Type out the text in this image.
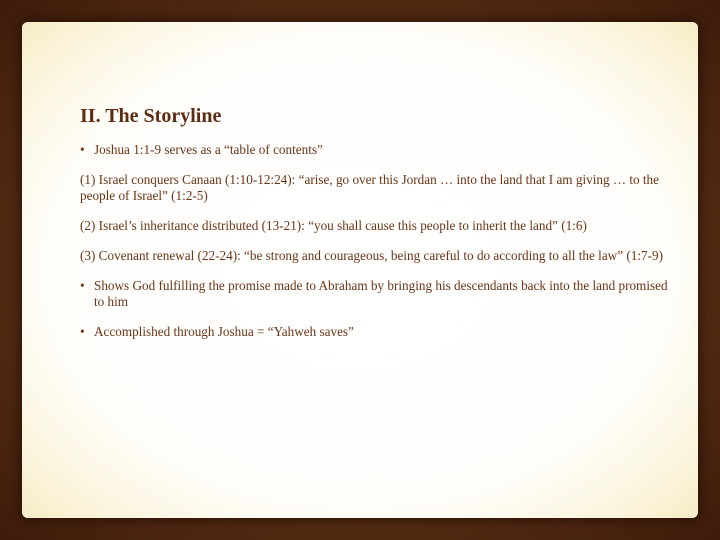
II. The Storyline
• Joshua 1:1-9 serves as a “table of contents”
(1) Israel conquers Canaan (1:10-12:24): “arise, go over this Jordan … into the land that I am giving … to the people of Israel” (1:2-5)
(2) Israel’s inheritance distributed (13-21): “you shall cause this people to inherit the land” (1:6)
(3) Covenant renewal (22-24): “be strong and courageous, being careful to do according to all the law” (1:7-9)
• Shows God fulfilling the promise made to Abraham by bringing his descendants back into the land promised to him
• Accomplished through Joshua = “Yahweh saves”
